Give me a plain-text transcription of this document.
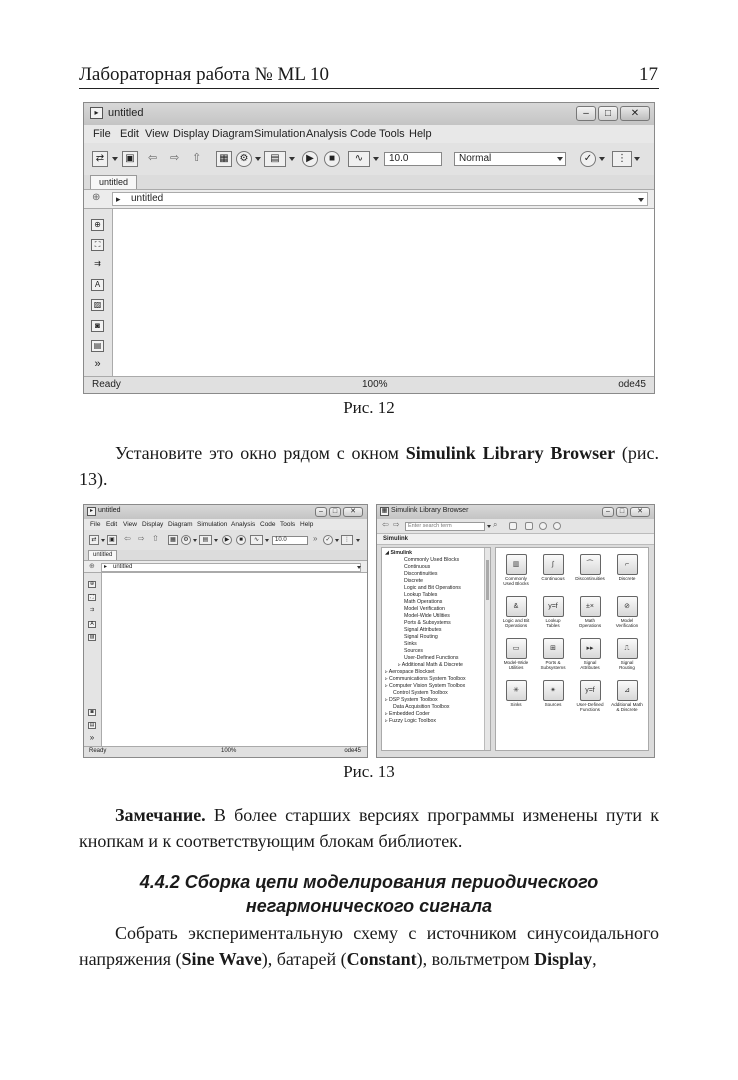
Лабораторная работа № ML 10	17
▸ untitled	–	□	✕
File Edit View Display Diagram Simulation Analysis Code Tools Help
⇄	▣ ⇦ ⇨ ⇧	▦	⚙	▤	▶	■	∿	10.0	Normal	✓	⋮
untitled
⊕	untitled
▸
⊕
⛶
⇉
A
▨
◙
▤
»
Ready	100%	ode45
Рис. 12
Установите это окно рядом с окном Simulink Library Browser (рис. 13).
▸ untitled	–	□	✕
File Edit View Display Diagram Simulation Analysis Code Tools Help
⇄	▣ ⇦ ⇨ ⇧	▦	⚙	▤	▶	■	∿	10.0	»	✓	⋮
untitled
⊕	untitled
▸
⊕
⛶
⇉
A
▨
◙
▤
»
Ready	100%	ode45
▦ Simulink Library Browser	–	□	✕
⇦ ⇨	Enter search term	⌕
Simulink
◢ Simulink
Commonly Used Blocks
Continuous
Discontinuities
Discrete
Logic and Bit Operations
Lookup Tables
Math Operations
Model Verification
Model-Wide Utilities
Ports & Subsystems
Signal Attributes
Signal Routing
Sinks
Sources
User-Defined Functions
▹ Additional Math & Discrete
▹ Aerospace Blockset
▹ Communications System Toolbox
▹ Computer Vision System Toolbox
Control System Toolbox
▹ DSP System Toolbox
Data Acquisition Toolbox
▹ Embedded Coder
▹ Fuzzy Logic Toolbox
▥
Commonly
Used Blocks
∫
Continuous
⏜
Discontinuities
⌐
Discrete
&
Logic and Bit
Operations
y=f
Lookup
Tables
±×
Math
Operations
⊘
Model
Verification
▭
Model-Wide
Utilities
⊞
Ports &
Subsystems
▸▸
Signal
Attributes
⎍
Signal
Routing
✳
Sinks
✴
Sources
y=f
User-Defined
Functions
⊿
Additional Math
& Discrete
Рис. 13
Замечание. В более старших версиях программы изменены пути к кнопкам и к соответствующим блокам библиотек.
4.4.2 Сборка цепи моделирования периодического
негармонического сигнала
Собрать экспериментальную схему с источником синусоидального напряжения (Sine Wave), батарей (Constant), вольтметром Display,
